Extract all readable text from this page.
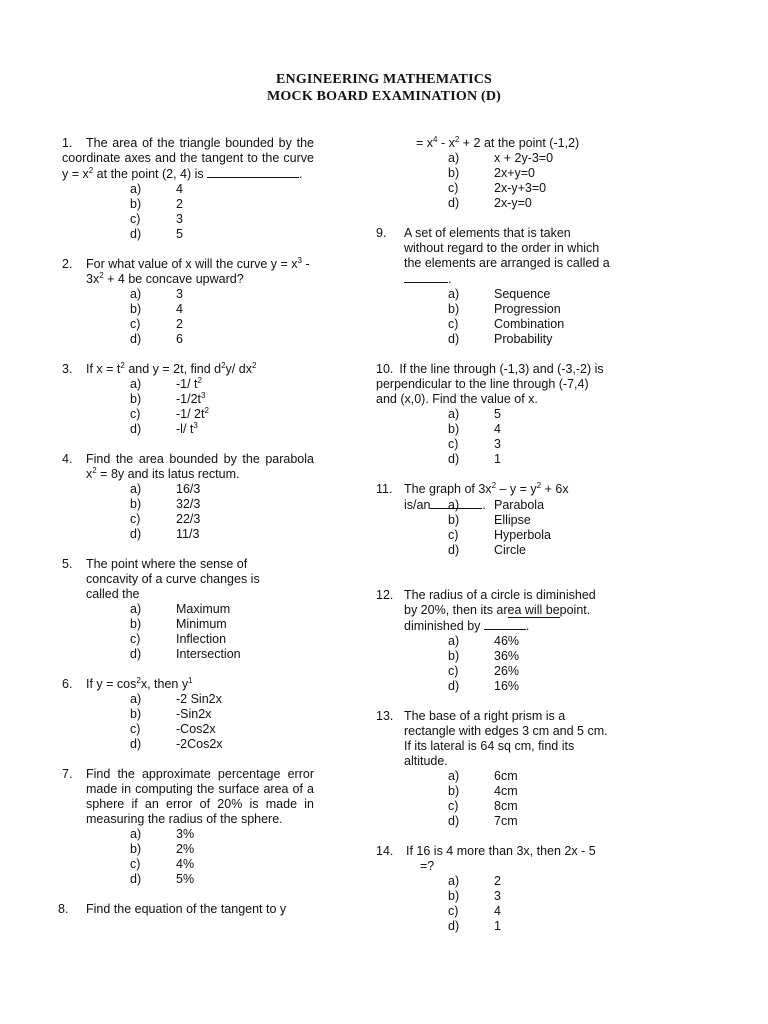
ENGINEERING MATHEMATICS
MOCK BOARD EXAMINATION (D)
1.	The area of the triangle bounded by the coordinate axes and the tangent to the curve $y = x^2$ at the point (2, 4) is	.
a)	4
b)	2
c)	3
d)	5
2.	For what value of x will the curve $y = x^3 - 3x^2 + 4$ be concave upward?
a)	3
b)	4
c)	2
d)	6
3.	If $x = t^2$ and y = 2t, find $d^2y/$ $dx^2$
a)	-1/ $t^2$
b)	$-1/2t^3$
c)	-1/ $2t^2$
d)	-l/ $t^3$
4.	Find the area bounded by the parabola $x^2 = 8y$ and its latus rectum.
a)	16/3
b)	32/3
c)	22/3
d)	11/3
5. The point where the sense of
concavity of a curve changes is
called the
a)	Maximum
b)	Minimum
c)	Inflection
d)	Intersection
6.	If $y = \cos^2x$, then $y^1$
a)	-2 Sin2x
b)	-Sin2x
c)	-Cos2x
d)	-2Cos2x
7.	Find the approximate percentage error made in computing the surface area of a sphere if an error of 20% is made in measuring the radius of the sphere.
a)	3%
b)	2%
c)	4%
d)	5%
8.	Find the equation of the tangent to y
= $x^4 - x^2 + 2$ at the point (-1,2)
a)	x + 2y-3=0
b)	2x+y=0
c)	2x-y+3=0
d)	2x-y=0
9. A set of elements that is taken
without regard to the order in which
the elements are arranged is called a
.
a)	Sequence
b)	Progression
c)	Combination
d)	Probability
10. If the line through (-1,3) and (-3,-2) is
perpendicular to the line through (-7,4)
and (x,0). Find the value of x.
a)	5
b)	4
c)	3
d)	1
11. The graph of $3x^2 - y = y^2 + 6x$
is/an	.
a)	Parabola
b)	Ellipse
c)	Hyperbola
d)	Circle
12. The radius of a circle is diminished
by 20%, then its area will bepoint.
diminished by	.
a)	46%
b)	36%
c)	26%
d)	16%
13. The base of a right prism is a
rectangle with edges 3 cm and 5 cm.
If its lateral is 64 sq cm, find its
altitude.
a)	6cm
b)	4cm
c)	8cm
d)	7cm
14. If 16 is 4 more than 3x, then 2x - 5
=?
a)	2
b)	3
c)	4
d)	1
